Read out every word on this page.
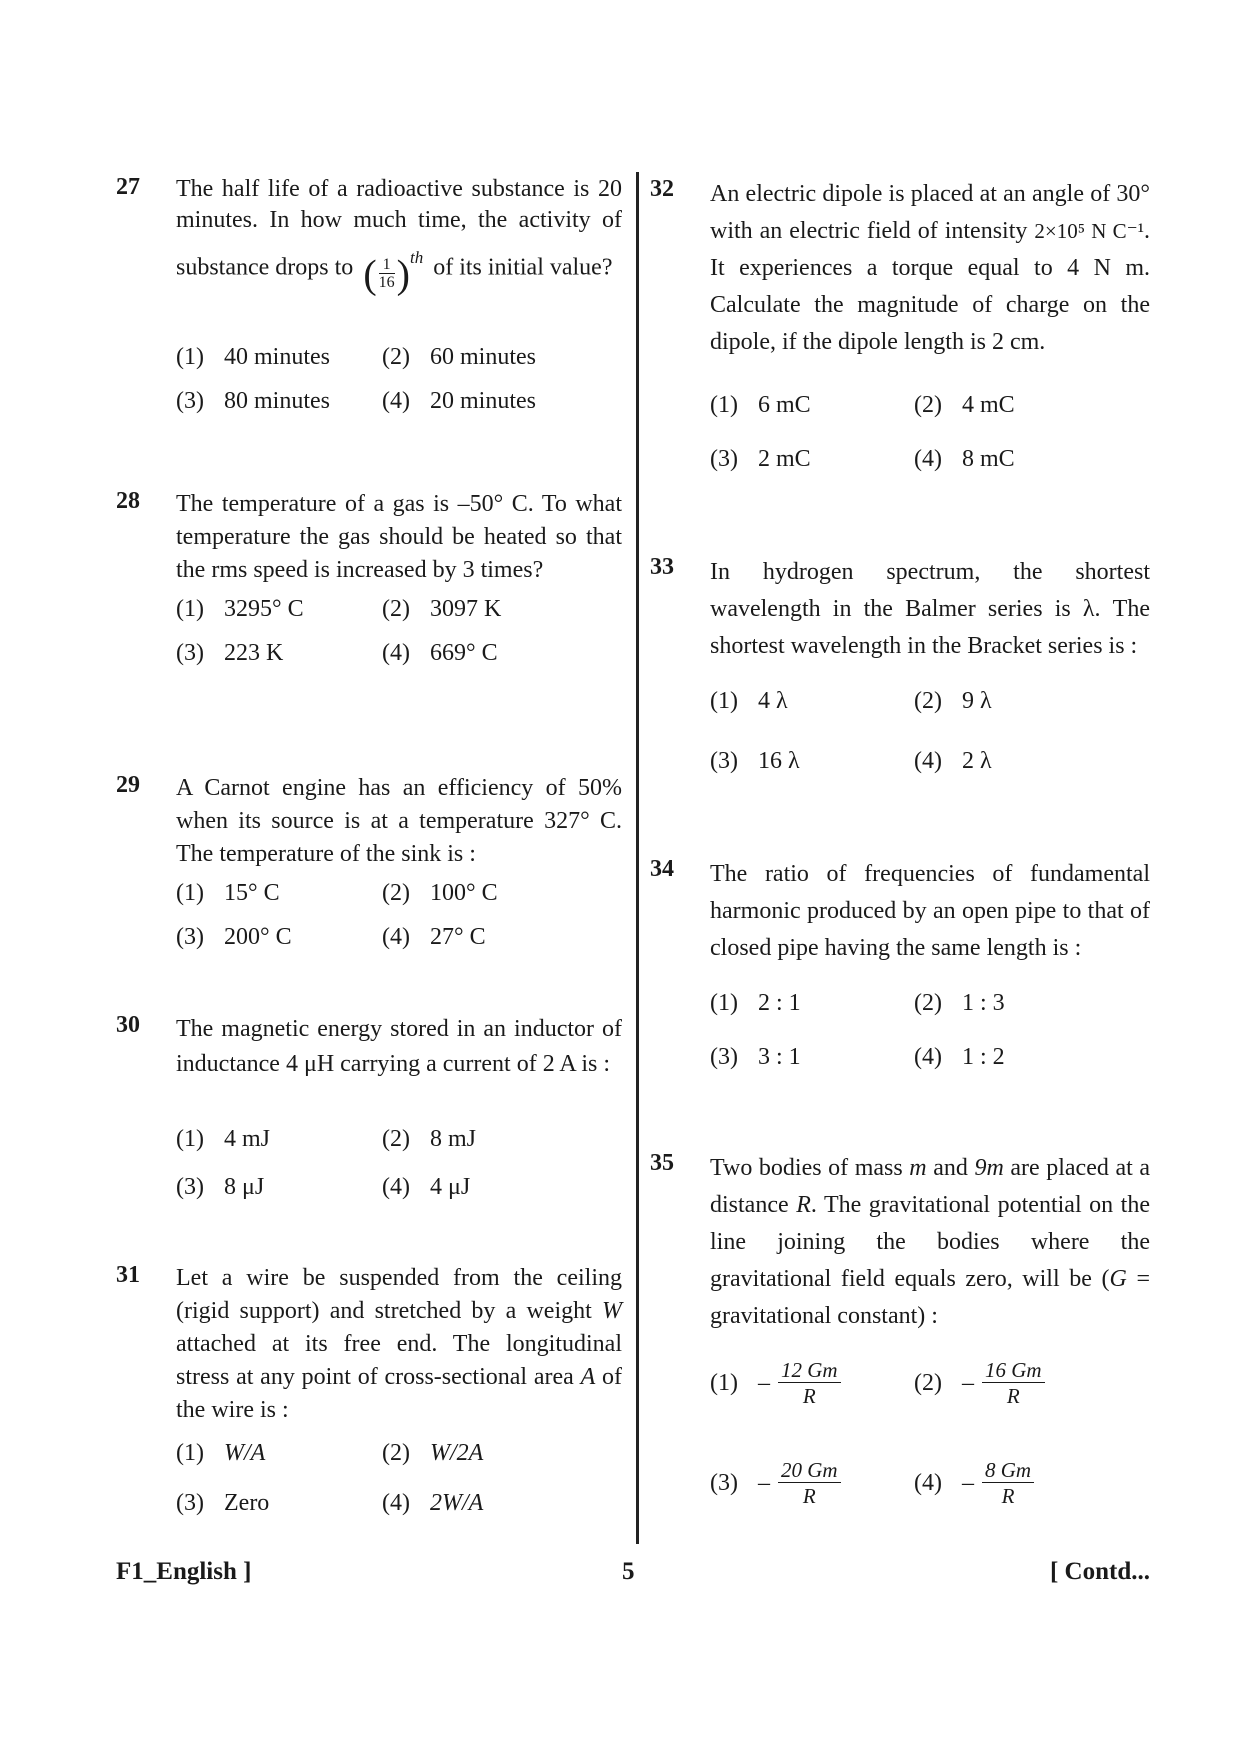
27 The half life of a radioactive substance is 20 minutes. In how much time, the activity of substance drops to ( $\frac{1}{16} )^{th}$ of its initial value?
(1) 40 minutes (2) 60 minutes
(3) 80 minutes (4) 20 minutes
28 The temperature of a gas is –50° C. To what temperature the gas should be heated so that the rms speed is increased by 3 times?
(1) 3295° C	(2) 3097 K
(3) 223 K	(4) 669° C
29 A Carnot engine has an efficiency of 50% when its source is at a temperature 327° C. The temperature of the sink is :
(1) 15° C	(2) 100° C
(3) 200° C	(4) 27° C
30 The magnetic energy stored in an inductor of inductance 4 μH carrying a current of 2 A is :
(1) 4 mJ	(2) 8 mJ
(3) 8 μJ	(4) 4 μJ
31 Let a wire be suspended from the ceiling (rigid support) and stretched by a weight W attached at its free end. The longitudinal stress at any point of cross-sectional area A of the wire is :
(1) W/A	(2) W/2A
(3) Zero	(4) 2W/A
32 An electric dipole is placed at an angle of 30° with an electric field of intensity 2×10⁵ N C⁻¹. It experiences a torque equal to 4 N m. Calculate the magnitude of charge on the dipole, if the dipole length is 2 cm.
(1) 6 mC	(2) 4 mC
(3) 2 mC	(4) 8 mC
33 In hydrogen spectrum, the shortest wavelength in the Balmer series is λ. The shortest wavelength in the Bracket series is :
(1) 4 λ	(2) 9 λ
(3) 16 λ	(4) 2 λ
34 The ratio of frequencies of fundamental harmonic produced by an open pipe to that of closed pipe having the same length is :
(1) 2 : 1	(2) 1 : 3
(3) 3 : 1	(4) 1 : 2
35 Two bodies of mass m and 9m are placed at a distance R. The gravitational potential on the line joining the bodies where the gravitational field equals zero, will be (G = gravitational constant) :
$(1) - \frac{12 Gm}{R}$	$(2) - \frac{16 Gm}{R}$
$(3) - \frac{20 Gm}{R}$	$(4) - \frac{8 Gm}{R}$
F1_English ]	5	[ Contd...
